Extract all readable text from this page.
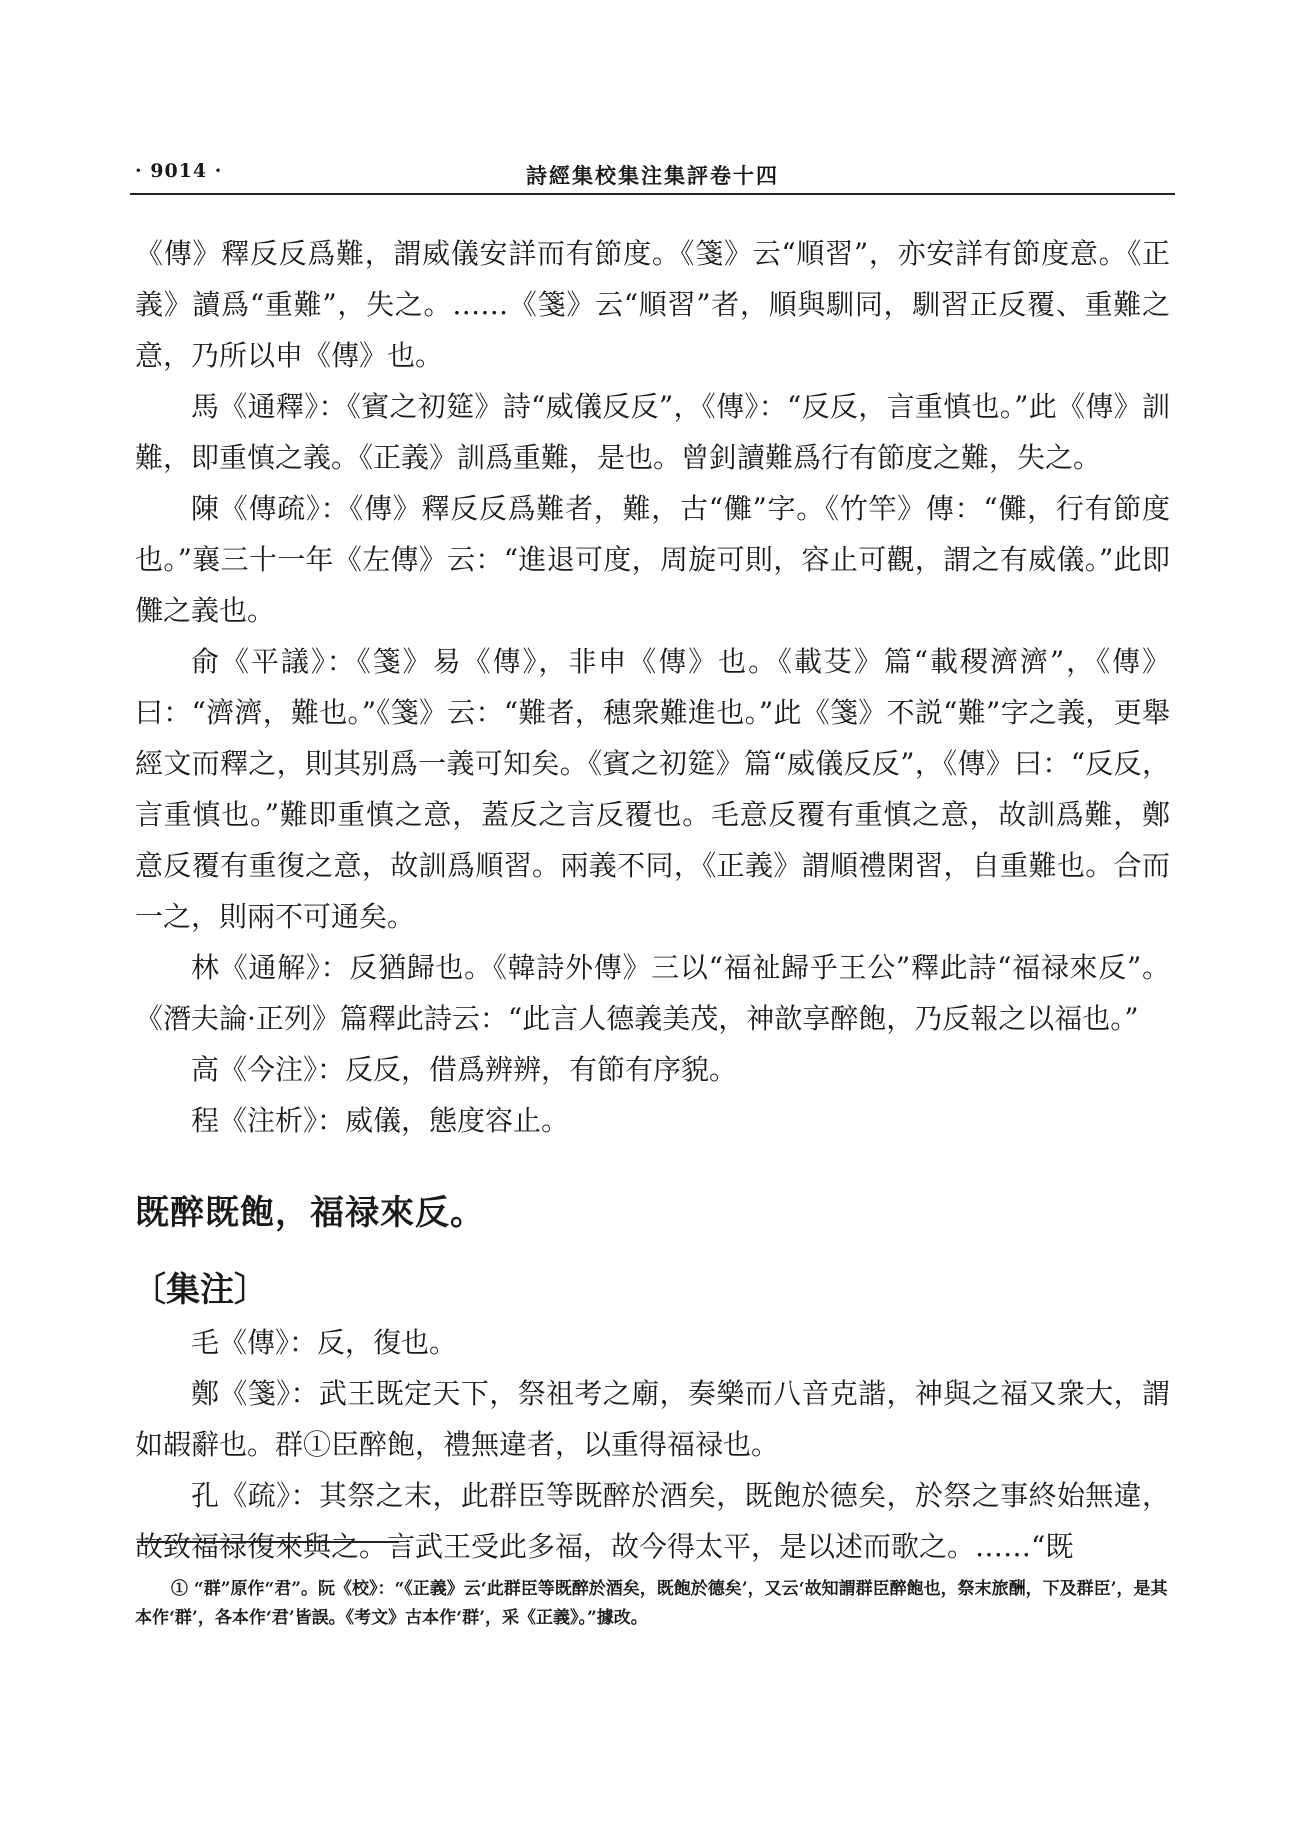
· 9014 ·	詩經集校集注集評卷十四

《傳》釋反反爲難，謂威儀安詳而有節度。《箋》云“順習”，亦安詳有節度意。《正義》讀爲“重難”，失之。……《箋》云“順習”者，順與馴同，馴習正反覆、重難之意，乃所以申《傳》也。

馬《通釋》：《賓之初筵》詩“威儀反反”，《傳》：“反反，言重慎也。”此《傳》訓難，即重慎之義。《正義》訓爲重難，是也。曾釗讀難爲行有節度之難，失之。

陳《傳疏》：《傳》釋反反爲難者，難，古“儺”字。《竹竿》傳：“儺，行有節度也。”襄三十一年《左傳》云：“進退可度，周旋可則，容止可觀，謂之有威儀。”此即儺之義也。

俞《平議》：《箋》易《傳》，非申《傳》也。《載芟》篇“載稷濟濟”，《傳》曰：“濟濟，難也。”《箋》云：“難者，穗衆難進也。”此《箋》不説“難”字之義，更舉經文而釋之，則其别爲一義可知矣。《賓之初筵》篇“威儀反反”，《傳》曰：“反反，言重慎也。”難即重慎之意，蓋反之言反覆也。毛意反覆有重慎之意，故訓爲難，鄭意反覆有重復之意，故訓爲順習。兩義不同，《正義》謂順禮閑習，自重難也。合而一之，則兩不可通矣。

林《通解》：反猶歸也。《韓詩外傳》三以“福祉歸乎王公”釋此詩“福禄來反”。《潛夫論·正列》篇釋此詩云：“此言人德義美茂，神歆享醉飽，乃反報之以福也。”

高《今注》：反反，借爲辨辨，有節有序貌。

程《注析》：威儀，態度容止。

既醉既飽，福禄來反。

〔集注〕

毛《傳》：反，復也。

鄭《箋》：武王既定天下，祭祖考之廟，奏樂而八音克諧，神與之福又衆大，謂如嘏辭也。群①臣醉飽，禮無違者，以重得福禄也。

孔《疏》：其祭之末，此群臣等既醉於酒矣，既飽於德矣，於祭之事終始無違，故致福禄復來與之。言武王受此多福，故今得太平，是以述而歌之。……“既

① “群”原作“君”。阮《校》：“《正義》云‘此群臣等既醉於酒矣，既飽於德矣’，又云‘故知謂群臣醉飽也，祭末旅酬，下及群臣’，是其本作‘群’，各本作‘君’皆誤。《考文》古本作‘群’，采《正義》。”據改。
